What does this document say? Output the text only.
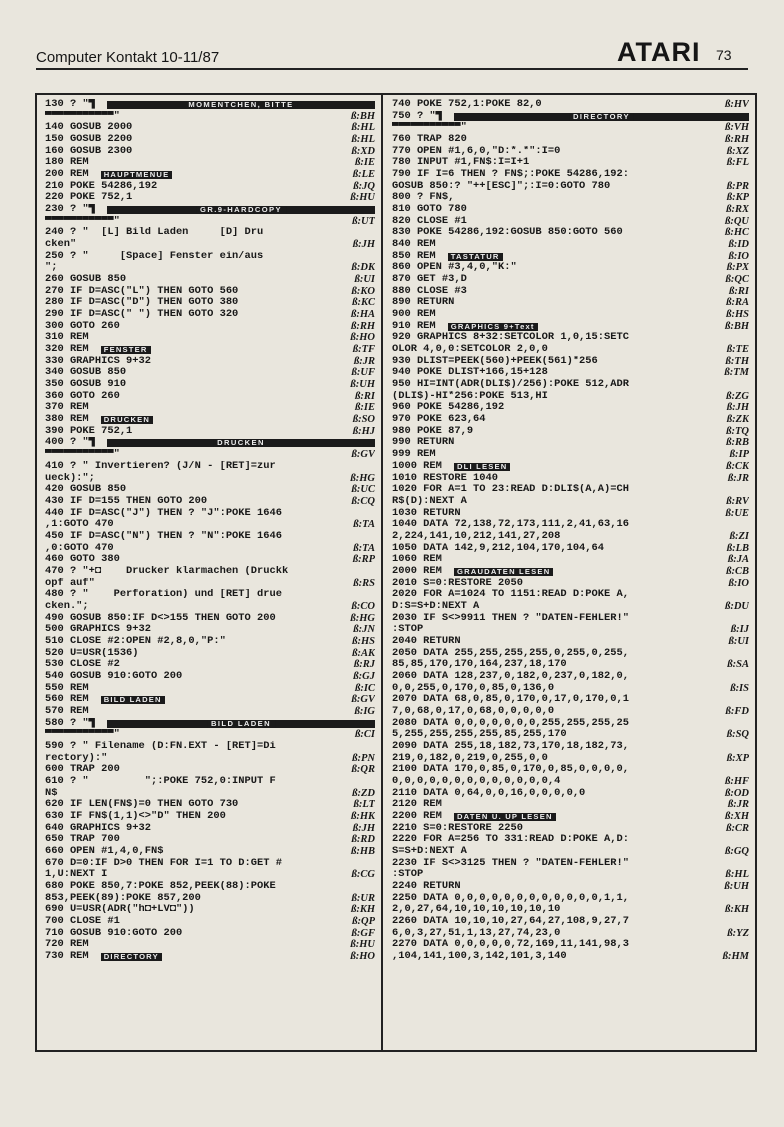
Computer Kontakt 10-11/87	ATARI 73
130 ? "▜	MOMENTCHEN, BITTE
▀▀▀▀▀▀▀▀▀▀▀"	ß:BH
140 GOSUB 2000	ß:HL
150 GOSUB 2200	ß:HL
160 GOSUB 2300	ß:XD
180 REM	ß:IE
200 REM	HAUPTMENUE	ß:LE
210 POKE 54286,192	ß:JQ
220 POKE 752,1	ß:HU
230 ? "▜	GR.9-HARDCOPY
▀▀▀▀▀▀▀▀▀▀▀"	ß:UT
240 ? "  [L] Bild Laden     [D] Dru
cken"	ß:JH
250 ? "     [Space] Fenster ein/aus
";	ß:DK
260 GOSUB 850	ß:UI
270 IF D=ASC("L") THEN GOTO 560	ß:KO
280 IF D=ASC("D") THEN GOTO 380	ß:KC
290 IF D=ASC(" ") THEN GOTO 320	ß:HA
300 GOTO 260	ß:RH
310 REM	ß:HO
320 REM	FENSTER	ß:TF
330 GRAPHICS 9+32	ß:JR
340 GOSUB 850	ß:UF
350 GOSUB 910	ß:UH
360 GOTO 260	ß:RI
370 REM	ß:IE
380 REM	DRUCKEN	ß:SO
390 POKE 752,1	ß:HJ
400 ? "▜	DRUCKEN
▀▀▀▀▀▀▀▀▀▀▀"	ß:GV
410 ? " Invertieren? (J/N - [RET]=zur
ueck):";	ß:HG
420 GOSUB 850	ß:UC
430 IF D=155 THEN GOTO 200	ß:CQ
440 IF D=ASC("J") THEN ? "J":POKE 1646
,1:GOTO 470	ß:TA
450 IF D=ASC("N") THEN ? "N":POKE 1646
,0:GOTO 470	ß:TA
460 GOTO 380	ß:RP
470 ? "+◘    Drucker klarmachen (Druckk
opf auf"	ß:RS
480 ? "    Perforation) und [RET] drue
cken.";	ß:CO
490 GOSUB 850:IF D<>155 THEN GOTO 200	ß:HG
500 GRAPHICS 9+32	ß:JN
510 CLOSE #2:OPEN #2,8,0,"P:"	ß:HS
520 U=USR(1536)	ß:AK
530 CLOSE #2	ß:RJ
540 GOSUB 910:GOTO 200	ß:GJ
550 REM	ß:IC
560 REM	BILD LADEN	ß:GV
570 REM	ß:IG
580 ? "▜	BILD LADEN
▀▀▀▀▀▀▀▀▀▀▀"	ß:CI
590 ? " Filename (D:FN.EXT - [RET]=Di
rectory):"	ß:PN
600 TRAP 200	ß:QR
610 ? "         ";:POKE 752,0:INPUT F
N$	ß:ZD
620 IF LEN(FN$)=0 THEN GOTO 730	ß:LT
630 IF FN$(1,1)<>"D" THEN 200	ß:HK
640 GRAPHICS 9+32	ß:JH
650 TRAP 700	ß:RD
660 OPEN #1,4,0,FN$	ß:HB
670 D=0:IF D>0 THEN FOR I=1 TO D:GET #
1,U:NEXT I	ß:CG
680 POKE 850,7:POKE 852,PEEK(88):POKE
853,PEEK(89):POKE 857,200	ß:UR
690 U=USR(ADR("h◘+LV◘"))	ß:KH
700 CLOSE #1	ß:QP
710 GOSUB 910:GOTO 200	ß:GF
720 REM	ß:HU
730 REM	DIRECTORY	ß:HO
740 POKE 752,1:POKE 82,0	ß:HV
750 ? "▜	DIRECTORY
▀▀▀▀▀▀▀▀▀▀▀"	ß:VH
760 TRAP 820	ß:RH
770 OPEN #1,6,0,"D:*.*":I=0	ß:XZ
780 INPUT #1,FN$:I=I+1	ß:FL
790 IF I=6 THEN ? FN$;:POKE 54286,192:
GOSUB 850:? "++[ESC]";:I=0:GOTO 780	ß:PR
800 ? FN$,	ß:KP
810 GOTO 780	ß:RX
820 CLOSE #1	ß:QU
830 POKE 54286,192:GOSUB 850:GOTO 560	ß:HC
840 REM	ß:ID
850 REM	TASTATUR	ß:IO
860 OPEN #3,4,0,"K:"	ß:PX
870 GET #3,D	ß:QC
880 CLOSE #3	ß:RI
890 RETURN	ß:RA
900 REM	ß:HS
910 REM	GRAPHICS 9+Text	ß:BH
920 GRAPHICS 8+32:SETCOLOR 1,0,15:SETC
OLOR 4,0,0:SETCOLOR 2,0,0	ß:TE
930 DLIST=PEEK(560)+PEEK(561)*256	ß:TH
940 POKE DLIST+166,15+128	ß:TM
950 HI=INT(ADR(DLI$)/256):POKE 512,ADR
(DLI$)-HI*256:POKE 513,HI	ß:ZG
960 POKE 54286,192	ß:JH
970 POKE 623,64	ß:ZK
980 POKE 87,9	ß:TQ
990 RETURN	ß:RB
999 REM	ß:IP
1000 REM	DLI LESEN	ß:CK
1010 RESTORE 1040	ß:JR
1020 FOR A=1 TO 23:READ D:DLI$(A,A)=CH
R$(D):NEXT A	ß:RV
1030 RETURN	ß:UE
1040 DATA 72,138,72,173,111,2,41,63,16
2,224,141,10,212,141,27,208	ß:ZI
1050 DATA 142,9,212,104,170,104,64	ß:LB
1060 REM	ß:JA
2000 REM	GRAUDATEN LESEN	ß:CB
2010 S=0:RESTORE 2050	ß:IO
2020 FOR A=1024 TO 1151:READ D:POKE A,
D:S=S+D:NEXT A	ß:DU
2030 IF S<>9911 THEN ? "DATEN-FEHLER!"
:STOP	ß:IJ
2040 RETURN	ß:UI
2050 DATA 255,255,255,255,0,255,0,255,
85,85,170,170,164,237,18,170	ß:SA
2060 DATA 128,237,0,182,0,237,0,182,0,
0,0,255,0,170,0,85,0,136,0	ß:IS
2070 DATA 68,0,85,0,170,0,17,0,170,0,1
7,0,68,0,17,0,68,0,0,0,0,0	ß:FD
2080 DATA 0,0,0,0,0,0,0,255,255,255,25
5,255,255,255,255,85,255,170	ß:SQ
2090 DATA 255,18,182,73,170,18,182,73,
219,0,182,0,219,0,255,0,0	ß:XP
2100 DATA 170,0,85,0,170,0,85,0,0,0,0,
0,0,0,0,0,0,0,0,0,0,0,0,0,4	ß:HF
2110 DATA 0,64,0,0,16,0,0,0,0,0	ß:OD
2120 REM	ß:JR
2200 REM	DATEN U. UP LESEN	ß:XH
2210 S=0:RESTORE 2250	ß:CR
2220 FOR A=256 TO 331:READ D:POKE A,D:
S=S+D:NEXT A	ß:GQ
2230 IF S<>3125 THEN ? "DATEN-FEHLER!"
:STOP	ß:HL
2240 RETURN	ß:UH
2250 DATA 0,0,0,0,0,0,0,0,0,0,0,0,1,1,
2,0,27,64,10,10,10,10,10,10	ß:KH
2260 DATA 10,10,10,27,64,27,108,9,27,7
6,0,3,27,51,1,13,27,74,23,0	ß:YZ
2270 DATA 0,0,0,0,0,72,169,11,141,98,3
,104,141,100,3,142,101,3,140	ß:HM
